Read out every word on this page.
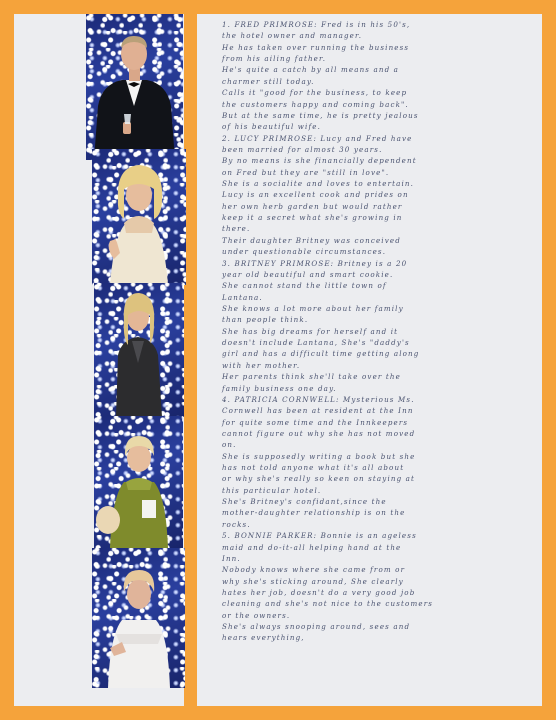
1. FRED PRIMROSE: Fred is in his 50's,
the hotel owner and manager.
He has taken over running the business
from his ailing father.
He's quite a catch by all means and a
charmer still today.
Calls it "good for the business, to keep
the customers happy and coming back".
But at the same time, he is pretty jealous
of his beautiful wife.
2. LUCY PRIMROSE: Lucy and Fred have
been married for almost 30 years.
By no means is she financially dependent
on Fred but they are "still in love".
She is a socialite and loves to entertain.
Lucy is an excellent cook and prides on
her own herb garden but would rather
keep it a secret what she's growing in
there.
Their daughter Britney was conceived
under questionable circumstances.
3. BRITNEY PRIMROSE: Britney is a 20
year old beautiful and smart cookie.
She cannot stand the little town of
Lantana.
She knows a lot more about her family
than people think.
She has big dreams for herself and it
doesn't include Lantana, She's "daddy's
girl and has a difficult time getting along
with her mother.
Her parents think she'll take over the
family business one day.
4. PATRICIA CORNWELL: Mysterious Ms.
Cornwell has been at resident at the Inn
for quite some time and the Innkeepers
cannot figure out why she has not moved
on.
She is supposedly writing a book but she
has not told anyone what it's all about
or why she's really so keen on staying at
this particular hotel.
She's Britney's confidant,since the
mother-daughter relationship is on the
rocks.
5. BONNIE PARKER: Bonnie is an ageless
maid and do-it-all helping hand at the
Inn.
Nobody knows where she came from or
why she's sticking around, She clearly
hates her job, doesn't do a very good job
cleaning and she's not nice to the customers
or the owners.
She's always snooping around, sees and
hears everything,
